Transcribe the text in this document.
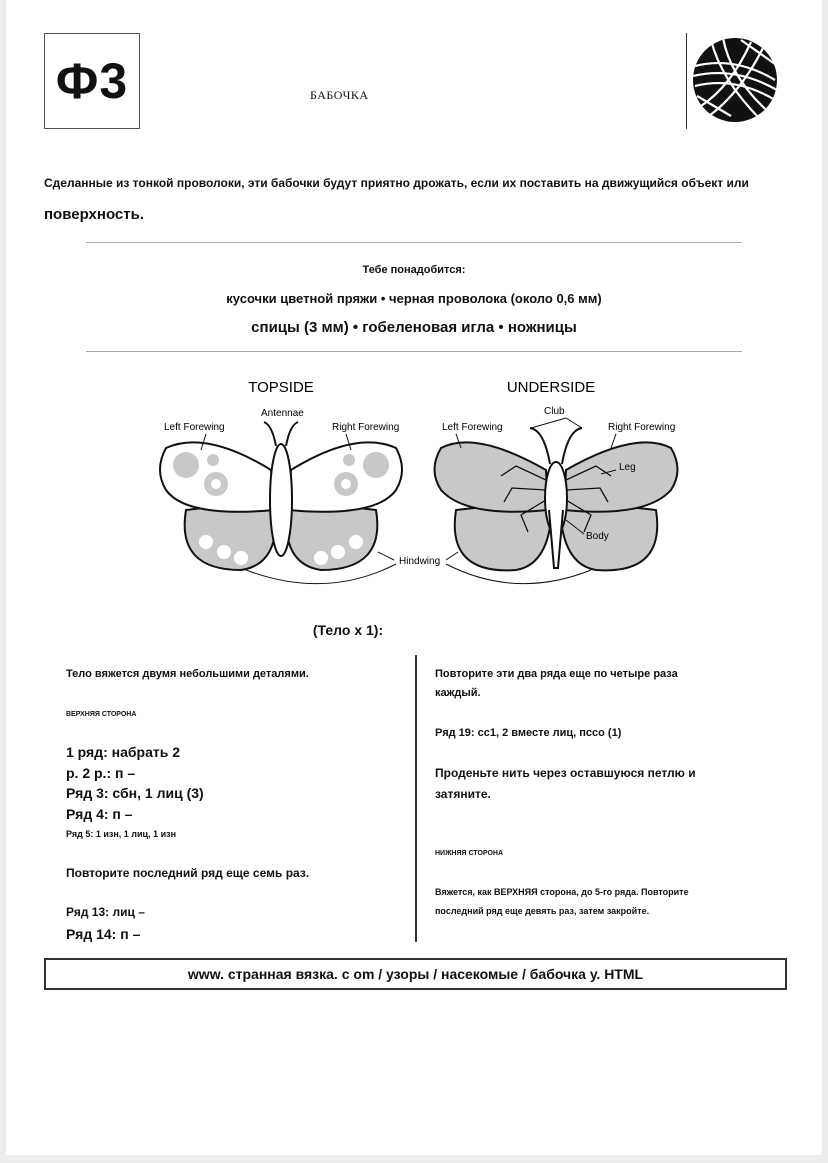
Ф3	БАБОЧКА
Сделанные из тонкой проволоки, эти бабочки будут приятно дрожать, если их поставить на движущийся объект или
поверхность.
Тебе понадобится:
кусочки цветной пряжи • черная проволока (около 0,6 мм)
спицы (3 мм) • гобеленовая игла • ножницы
TOPSIDE	UNDERSIDE
Antennae
Left Forewing	Right Forewing	Left Forewing
Club
Right Forewing
Leg
Body
Hindwing
(Тело х 1):
Тело вяжется двумя небольшими деталями.
ВЕРХНЯЯ СТОРОНА
1 ряд: набрать 2
р. 2 р.: п –
Ряд 3: сбн, 1 лиц (3)
Ряд 4: п –
Ряд 5: 1 изн, 1 лиц, 1 изн
Повторите последний ряд еще семь раз.
Ряд 13: лиц –
Ряд 14: п –
Повторите эти два ряда еще по четыре раза
каждый.
Ряд 19: сс1, 2 вместе лиц, пссо (1)
Проденьте нить через оставшуюся петлю и
затяните.
НИЖНЯЯ СТОРОНА
Вяжется, как ВЕРХНЯЯ сторона, до 5-го ряда. Повторите
последний ряд еще девять раз, затем закройте.
www. странная вязка. с om / узоры / насекомые / бабочка у. HTML
